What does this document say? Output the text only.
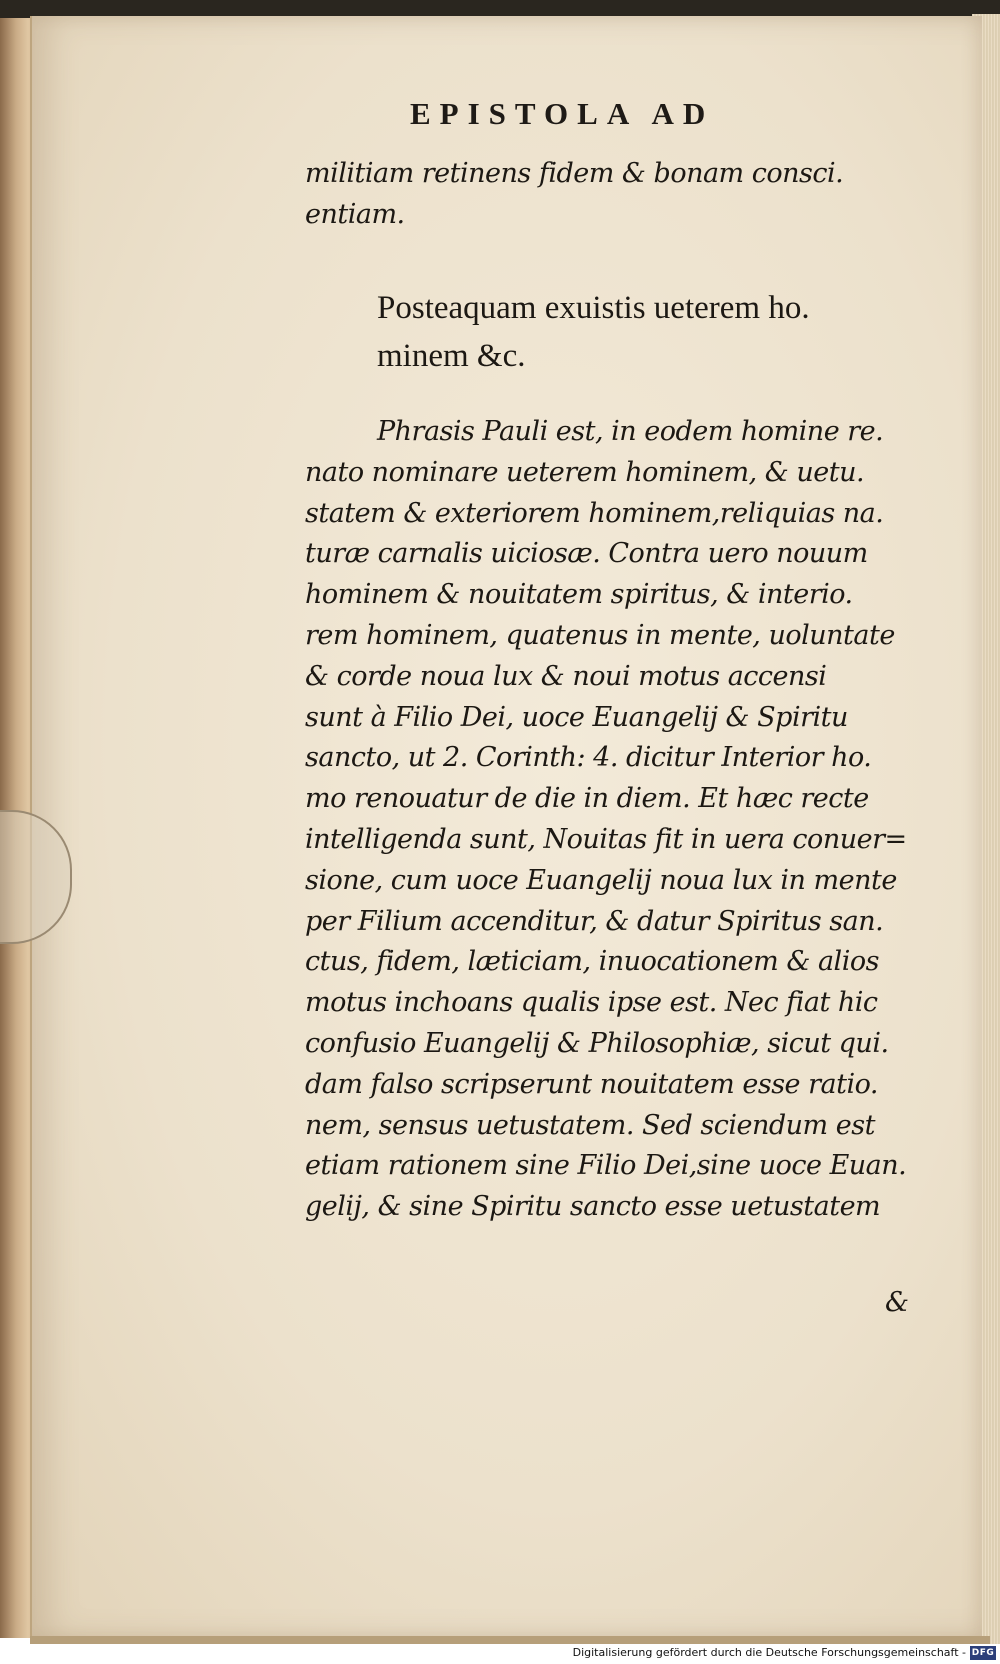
EPISTOLA AD

militiam retinens fidem & bonam consci.
entiam.
Posteaquam exuistis ueterem ho.
minem &c.
Phrasis Pauli est, in eodem homine re.
nato nominare ueterem hominem, & uetu.
statem & exteriorem hominem,reliquias na.
turæ carnalis uiciosæ. Contra uero nouum
hominem & nouitatem spiritus, & interio.
rem hominem, quatenus in mente, uoluntate
& corde noua lux & noui motus accensi
sunt à Filio Dei, uoce Euangelij & Spiritu
sancto, ut 2. Corinth: 4. dicitur Interior ho.
mo renouatur de die in diem. Et hæc recte
intelligenda sunt, Nouitas fit in uera conuer=
sione, cum uoce Euangelij noua lux in mente
per Filium accenditur, & datur Spiritus san.
ctus, fidem, læticiam, inuocationem & alios
motus inchoans qualis ipse est. Nec fiat hic
confusio Euangelij & Philosophiæ, sicut qui.
dam falso scripserunt nouitatem esse ratio.
nem, sensus uetustatem. Sed sciendum est
etiam rationem sine Filio Dei,sine uoce Euan.
gelij, & sine Spiritu sancto esse uetustatem

&

Digitalisierung gefördert durch die Deutsche Forschungsgemeinschaft - DFG
